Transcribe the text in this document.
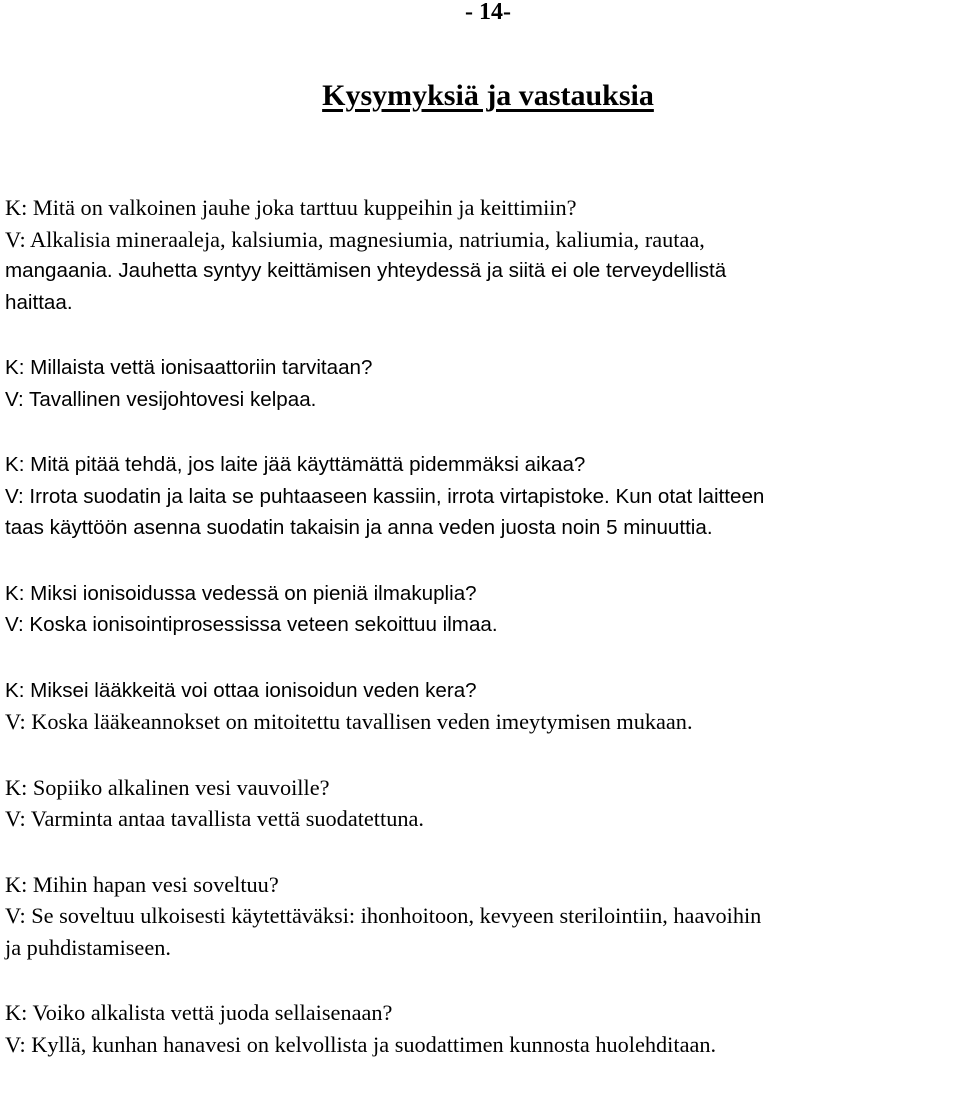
- 14-
Kysymyksiä ja vastauksia
K: Mitä on valkoinen jauhe joka tarttuu kuppeihin ja keittimiin?
V: Alkalisia mineraaleja, kalsiumia, magnesiumia, natriumia, kaliumia, rautaa,
mangaania. Jauhetta syntyy keittämisen yhteydessä ja siitä ei ole terveydellistä
haittaa.
K: Millaista vettä ionisaattoriin tarvitaan?
V: Tavallinen vesijohtovesi kelpaa.
K: Mitä pitää tehdä, jos laite jää käyttämättä pidemmäksi aikaa?
V: Irrota suodatin ja laita se puhtaaseen kassiin, irrota virtapistoke. Kun otat laitteen
taas käyttöön asenna suodatin takaisin ja anna veden juosta noin 5 minuuttia.
K: Miksi ionisoidussa vedessä on pieniä ilmakuplia?
V: Koska ionisointiprosessissa veteen sekoittuu ilmaa.
K: Miksei lääkkeitä voi ottaa ionisoidun veden kera?
V: Koska lääkeannokset on mitoitettu tavallisen veden imeytymisen mukaan.
K: Sopiiko alkalinen vesi vauvoille?
V: Varminta antaa tavallista vettä suodatettuna.
K: Mihin hapan vesi soveltuu?
V: Se soveltuu ulkoisesti käytettäväksi: ihonhoitoon, kevyeen sterilointiin, haavoihin
ja puhdistamiseen.
K: Voiko alkalista vettä juoda sellaisenaan?
V: Kyllä, kunhan hanavesi on kelvollista ja suodattimen kunnosta huolehditaan.
